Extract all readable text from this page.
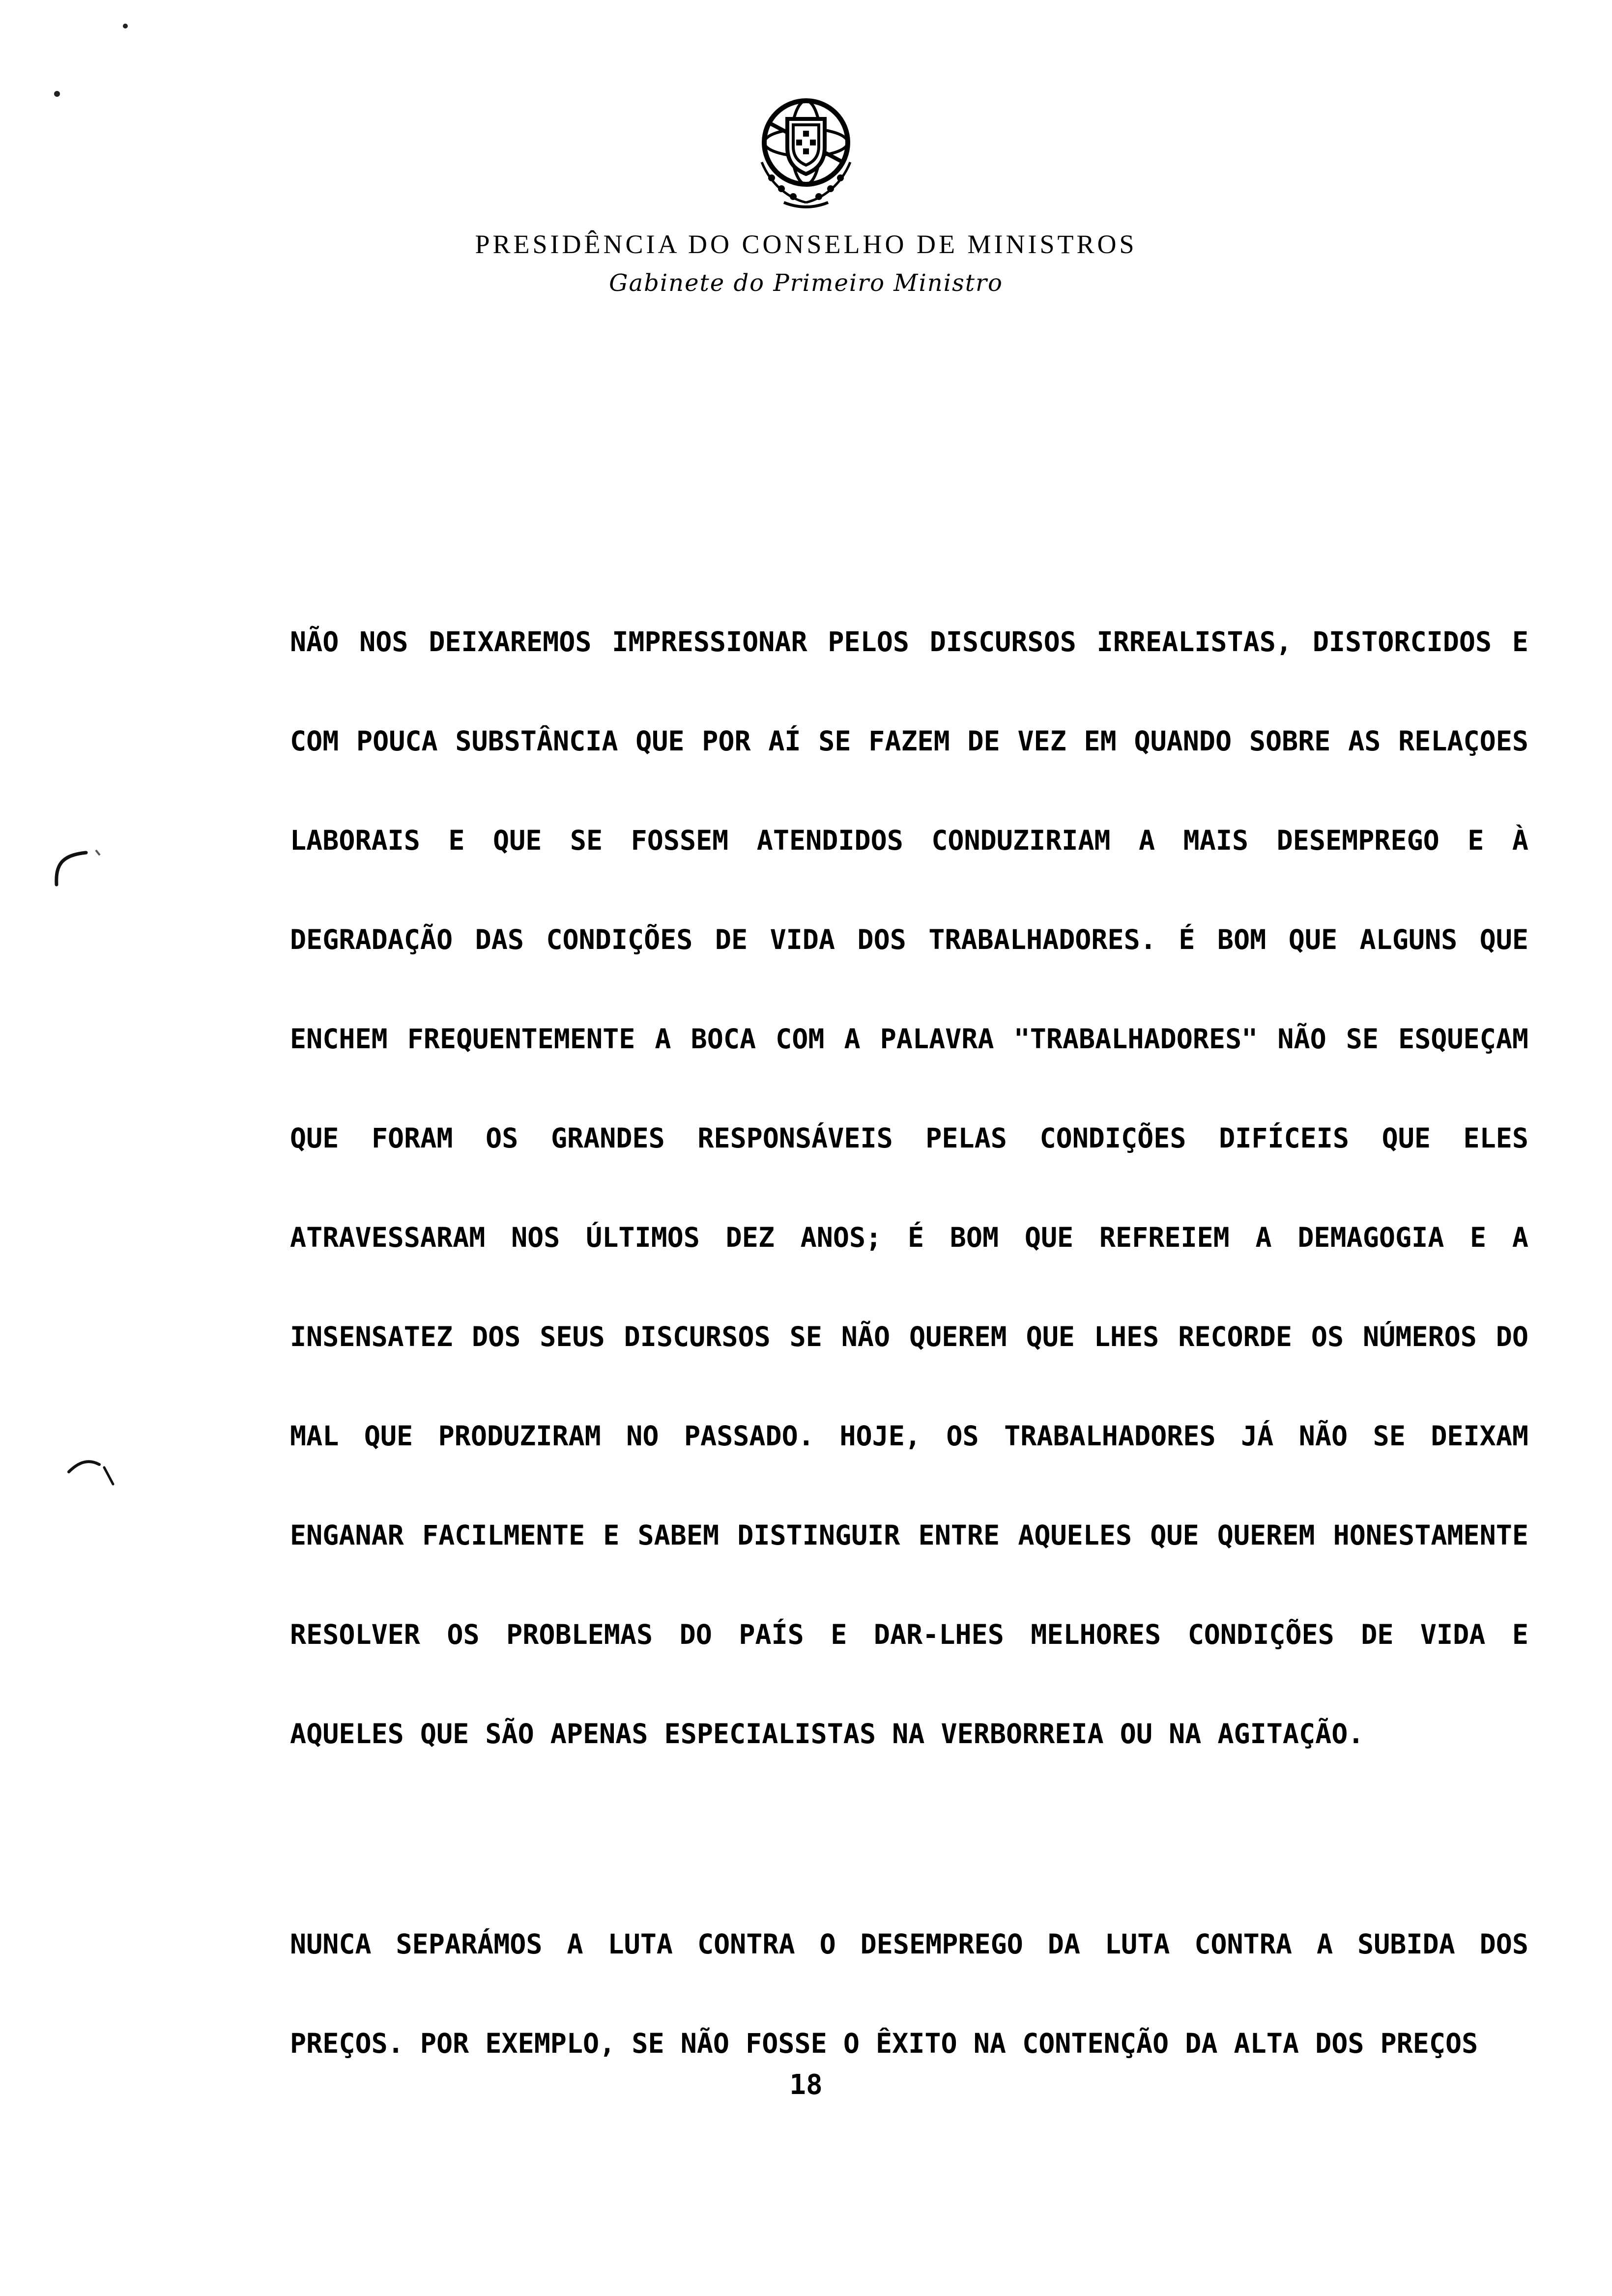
PRESIDÊNCIA DO CONSELHO DE MINISTROS
Gabinete do Primeiro Ministro
NÃO NOS DEIXAREMOS IMPRESSIONAR PELOS DISCURSOS IRREALISTAS, DISTORCIDOS E COM POUCA SUBSTÂNCIA QUE POR AÍ SE FAZEM DE VEZ EM QUANDO SOBRE AS RELAÇOES LABORAIS E QUE SE FOSSEM ATENDIDOS CONDUZIRIAM A MAIS DESEMPREGO E À DEGRADAÇÃO DAS CONDIÇÕES DE VIDA DOS TRABALHADORES. É BOM QUE ALGUNS QUE ENCHEM FREQUENTEMENTE A BOCA COM A PALAVRA "TRABALHADORES" NÃO SE ESQUEÇAM QUE FORAM OS GRANDES RESPONSÁVEIS PELAS CONDIÇÕES DIFÍCEIS QUE ELES ATRAVESSARAM NOS ÚLTIMOS DEZ ANOS; É BOM QUE REFREIEM A DEMAGOGIA E A INSENSATEZ DOS SEUS DISCURSOS SE NÃO QUEREM QUE LHES RECORDE OS NÚMEROS DO MAL QUE PRODUZIRAM NO PASSADO. HOJE, OS TRABALHADORES JÁ NÃO SE DEIXAM ENGANAR FACILMENTE E SABEM DISTINGUIR ENTRE AQUELES QUE QUEREM HONESTAMENTE RESOLVER OS PROBLEMAS DO PAÍS E DAR-LHES MELHORES CONDIÇÕES DE VIDA E AQUELES QUE SÃO APENAS ESPECIALISTAS NA VERBORREIA OU NA AGITAÇÃO.
NUNCA SEPARÁMOS A LUTA CONTRA O DESEMPREGO DA LUTA CONTRA A SUBIDA DOS PREÇOS. POR EXEMPLO, SE NÃO FOSSE O ÊXITO NA CONTENÇÃO DA ALTA DOS PREÇOS
18
